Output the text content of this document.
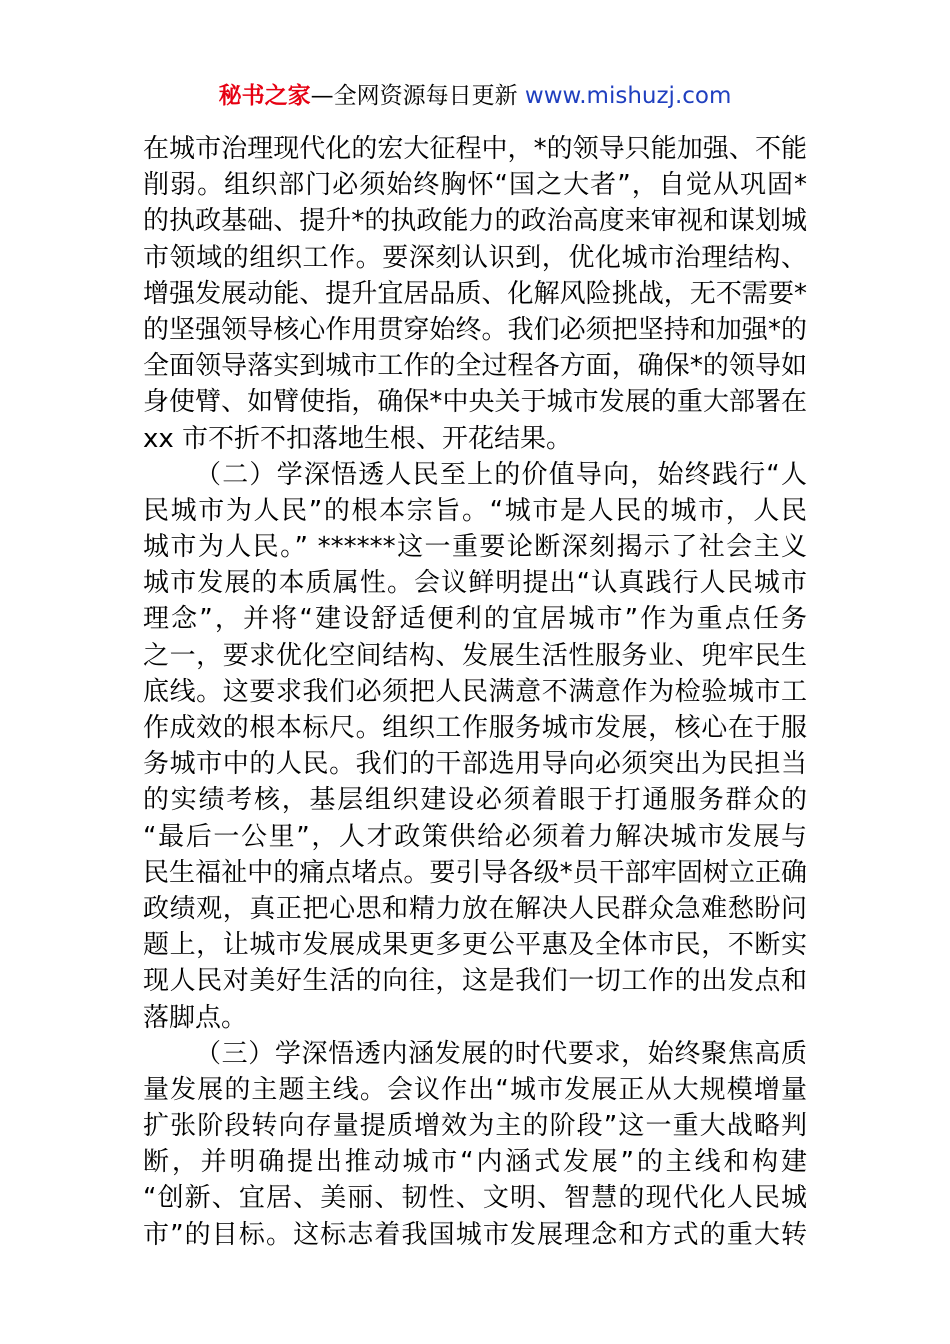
秘书之家—全网资源每日更新 www.mishuzj.com
在城市治理现代化的宏大征程中，*的领导只能加强、不能
削弱。组织部门必须始终胸怀“国之大者”，自觉从巩固*
的执政基础、提升*的执政能力的政治高度来审视和谋划城
市领域的组织工作。要深刻认识到，优化城市治理结构、
增强发展动能、提升宜居品质、化解风险挑战，无不需要*
的坚强领导核心作用贯穿始终。我们必须把坚持和加强*的
全面领导落实到城市工作的全过程各方面，确保*的领导如
身使臂、如臂使指，确保*中央关于城市发展的重大部署在
xx 市不折不扣落地生根、开花结果。
（二）学深悟透人民至上的价值导向，始终践行“人
民城市为人民”的根本宗旨。“城市是人民的城市，人民
城市为人民。” ******这一重要论断深刻揭示了社会主义
城市发展的本质属性。会议鲜明提出“认真践行人民城市
理念”，并将“建设舒适便利的宜居城市”作为重点任务
之一，要求优化空间结构、发展生活性服务业、兜牢民生
底线。这要求我们必须把人民满意不满意作为检验城市工
作成效的根本标尺。组织工作服务城市发展，核心在于服
务城市中的人民。我们的干部选用导向必须突出为民担当
的实绩考核，基层组织建设必须着眼于打通服务群众的
“最后一公里”，人才政策供给必须着力解决城市发展与
民生福祉中的痛点堵点。要引导各级*员干部牢固树立正确
政绩观，真正把心思和精力放在解决人民群众急难愁盼问
题上，让城市发展成果更多更公平惠及全体市民，不断实
现人民对美好生活的向往，这是我们一切工作的出发点和
落脚点。
（三）学深悟透内涵发展的时代要求，始终聚焦高质
量发展的主题主线。会议作出“城市发展正从大规模增量
扩张阶段转向存量提质增效为主的阶段”这一重大战略判
断，并明确提出推动城市“内涵式发展”的主线和构建
“创新、宜居、美丽、韧性、文明、智慧的现代化人民城
市”的目标。这标志着我国城市发展理念和方式的重大转
